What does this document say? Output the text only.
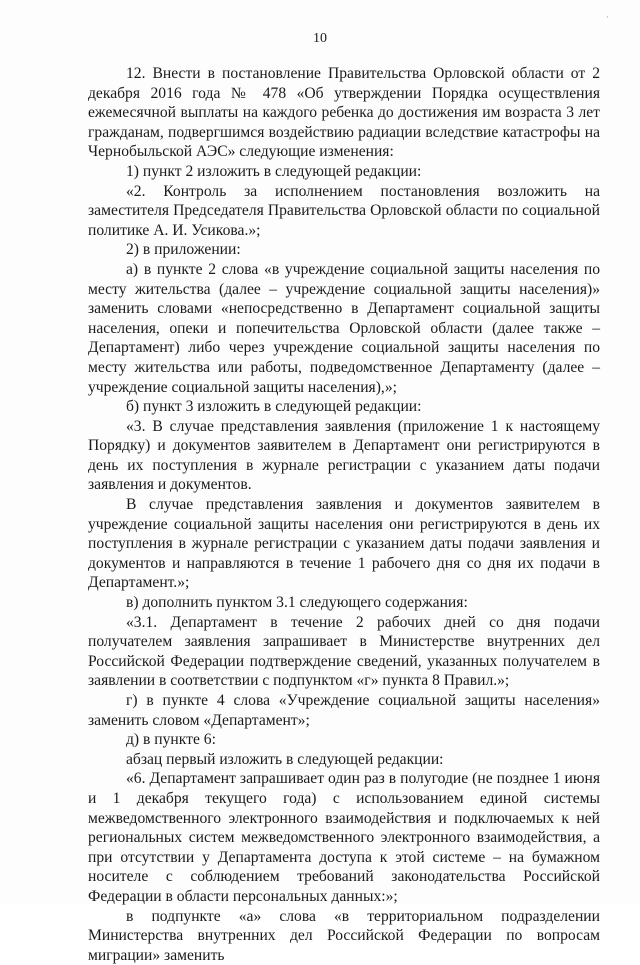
·
10

12. Внести в постановление Правительства Орловской области от 2 декабря 2016 года № 478 «Об утверждении Порядка осуществления ежемесячной выплаты на каждого ребенка до достижения им возраста 3 лет гражданам, подвергшимся воздействию радиации вследствие катастрофы на Чернобыльской АЭС» следующие изменения:

1) пункт 2 изложить в следующей редакции:

«2. Контроль за исполнением постановления возложить на заместителя Председателя Правительства Орловской области по социальной политике А. И. Усикова.»;

2) в приложении:

а) в пункте 2 слова «в учреждение социальной защиты населения по месту жительства (далее – учреждение социальной защиты населения)» заменить словами «непосредственно в Департамент социальной защиты населения, опеки и попечительства Орловской области (далее также – Департамент) либо через учреждение социальной защиты населения по месту жительства или работы, подведомственное Департаменту (далее – учреждение социальной защиты населения),»;

б) пункт 3 изложить в следующей редакции:

«3. В случае представления заявления (приложение 1 к настоящему Порядку) и документов заявителем в Департамент они регистрируются в день их поступления в журнале регистрации с указанием даты подачи заявления и документов.

В случае представления заявления и документов заявителем в учреждение социальной защиты населения они регистрируются в день их поступления в журнале регистрации с указанием даты подачи заявления и документов и направляются в течение 1 рабочего дня со дня их подачи в Департамент.»;

в) дополнить пунктом 3.1 следующего содержания:

«3.1. Департамент в течение 2 рабочих дней со дня подачи получателем заявления запрашивает в Министерстве внутренних дел Российской Федерации подтверждение сведений, указанных получателем в заявлении в соответствии с подпунктом «г» пункта 8 Правил.»;

г) в пункте 4 слова «Учреждение социальной защиты населения» заменить словом «Департамент»;

д) в пункте 6:

абзац первый изложить в следующей редакции:

«6. Департамент запрашивает один раз в полугодие (не позднее 1 июня и 1 декабря текущего года) с использованием единой системы межведомственного электронного взаимодействия и подключаемых к ней региональных систем межведомственного электронного взаимодействия, а при отсутствии у Департамента доступа к этой системе – на бумажном носителе с соблюдением требований законодательства Российской Федерации в области персональных данных:»;

в подпункте «а» слова «в территориальном подразделении Министерства внутренних дел Российской Федерации по вопросам миграции» заменить
